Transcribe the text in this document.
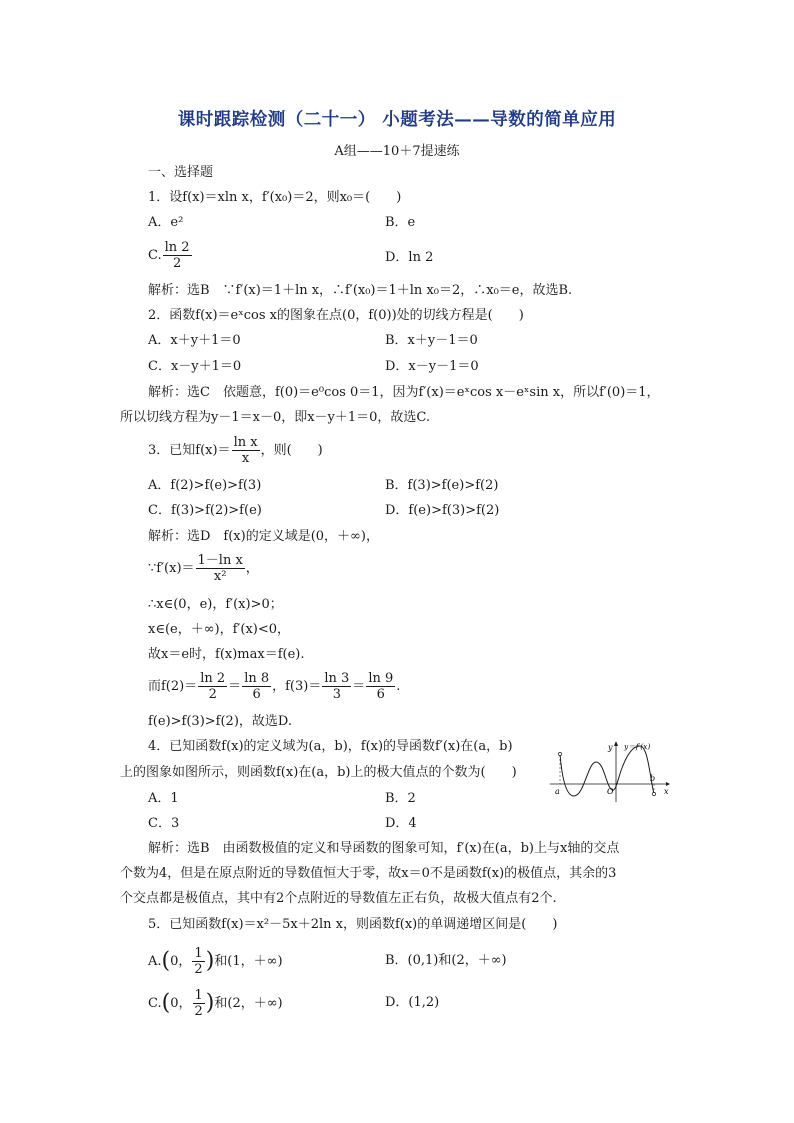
课时跟踪检测（二十一） 小题考法——导数的简单应用
A组——10＋7提速练
一、选择题
1．设f(x)＝xln x，f′(x₀)＝2，则x₀＝(　　)
A．e²	B．e
C. $\frac{\ln 2}{2}$	D．ln 2
解析：选B　∵f′(x)＝1＋ln x，∴f′(x₀)＝1＋ln x₀＝2，∴x₀＝e，故选B.
2．函数f(x)＝eˣcos x的图象在点(0，f(0))处的切线方程是(　　)
A．x＋y＋1＝0	B．x＋y－1＝0
C．x－y＋1＝0	D．x－y－1＝0
解析：选C　依题意，f(0)＝e⁰cos 0＝1，因为f′(x)＝eˣcos x－eˣsin x，所以f′(0)＝1，
所以切线方程为y－1＝x－0，即x－y＋1＝0，故选C.
3．已知$f(x)= \frac{\text{ln x}}{x}$ ，则(　　)
A．f(2)>f(e)>f(3)	B．f(3)>f(e)>f(2)
C．f(3)>f(2)>f(e)	D．f(e)>f(3)>f(2)
解析：选D　f(x)的定义域是(0，＋∞)，
∵f′(x)＝ $\frac{\text{1－ln x}}{\text{x²}}$ ，
∴x∈(0，e)，f′(x)>0；
x∈(e，＋∞)，f′(x)<0，
故x＝e时，f(x)max＝f(e).
而$f(2)= \frac{\ln 2}{2} = \frac{\ln 8}{6}$ ，$f(3)= \frac{\ln 3}{3} = \frac{\ln 9}{6}$ .
f(e)>f(3)>f(2)，故选D.
4．已知函数f(x)的定义域为(a，b)，f(x)的导函数f′(x)在(a，b)
上的图象如图所示，则函数f(x)在(a，b)上的极大值点的个数为(　　)
A．1	B．2
C．3	D．4
y y＝f′(x)
a	O
b
x
解析：选B　由函数极值的定义和导函数的图象可知，f′(x)在(a，b)上与x轴的交点
个数为4，但是在原点附近的导数值恒大于零，故x＝0不是函数f(x)的极值点，其余的3
个交点都是极值点，其中有2个点附近的导数值左正右负，故极大值点有2个.
5．已知函数f(x)＝x²－5x＋2ln x，则函数f(x)的单调递增区间是(　　)
A.(0， $\frac{1}{2}$ )和(1，＋∞)	B．(0,1)和(2，＋∞)
C.(0， $\frac{1}{2}$ )和(2，＋∞)	D．(1,2)
